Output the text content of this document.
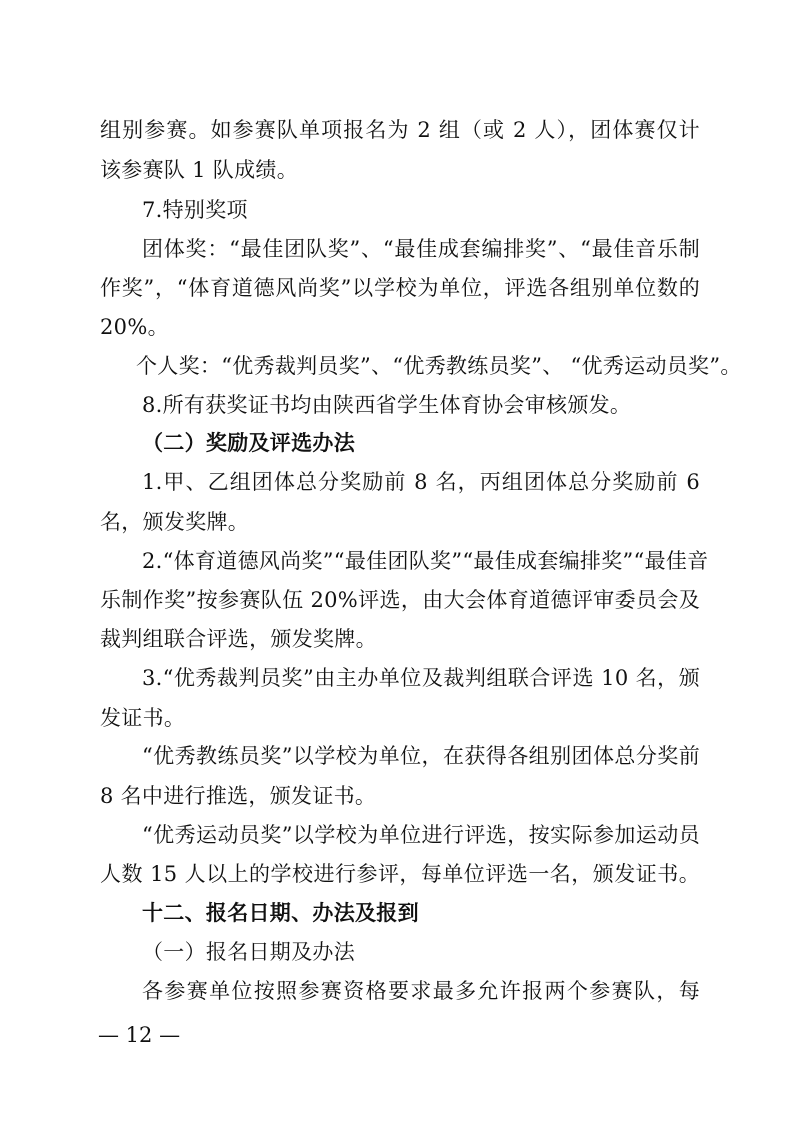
组别参赛。如参赛队单项报名为 2 组（或 2 人），团体赛仅计
该参赛队 1 队成绩。
7.特别奖项
团体奖：“最佳团队奖”、“最佳成套编排奖”、“最佳音乐制
作奖”，“体育道德风尚奖”以学校为单位，评选各组别单位数的
20%。
个人奖：“优秀裁判员奖”、“优秀教练员奖”、 “优秀运动员奖”。
8.所有获奖证书均由陕西省学生体育协会审核颁发。
（二）奖励及评选办法
1.甲、乙组团体总分奖励前 8 名，丙组团体总分奖励前 6
名，颁发奖牌。
2.“体育道德风尚奖”“最佳团队奖”“最佳成套编排奖”“最佳音
乐制作奖”按参赛队伍 20%评选，由大会体育道德评审委员会及
裁判组联合评选，颁发奖牌。
3.“优秀裁判员奖”由主办单位及裁判组联合评选 10 名，颁
发证书。
“优秀教练员奖”以学校为单位，在获得各组别团体总分奖前
8 名中进行推选，颁发证书。
“优秀运动员奖”以学校为单位进行评选，按实际参加运动员
人数 15 人以上的学校进行参评，每单位评选一名，颁发证书。
十二、报名日期、办法及报到
（一）报名日期及办法
各参赛单位按照参赛资格要求最多允许报两个参赛队，每
— 12 —
